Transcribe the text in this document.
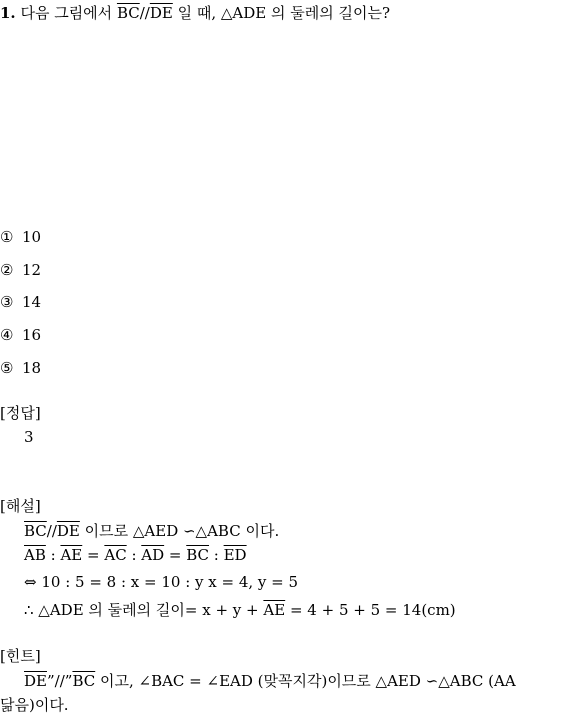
1. 다음 그림에서 $\overline{BC}//\overline{DE}$ 일 때, △ADE 의 둘레의 길이는?
① 10
② 12
③ 14
④ 16
⑤ 18
[정답]
3
[해설]
$\overline{BC}//\overline{DE}$ 이므로 △AED ∽△ABC 이다.
$\overline{AB}$ : $\overline{AE} = \overline{AC}$ : $\overline{AD} = \overline{BC}$ : $\overline{ED}$
⇔ 10 : 5 = 8 : x = 10 : y x = 4, y = 5
∴ △ADE 의 둘레의 길이= $x + y + \overline{AE} = 4 + 5 + 5 = 14(cm)$
[힌트]
$\overline{DE}”//”\overline{BC}$ 이고, ∠BAC = ∠EAD (맞꼭지각)이므로 △AED ∽△ABC (AA
닮음)이다.
